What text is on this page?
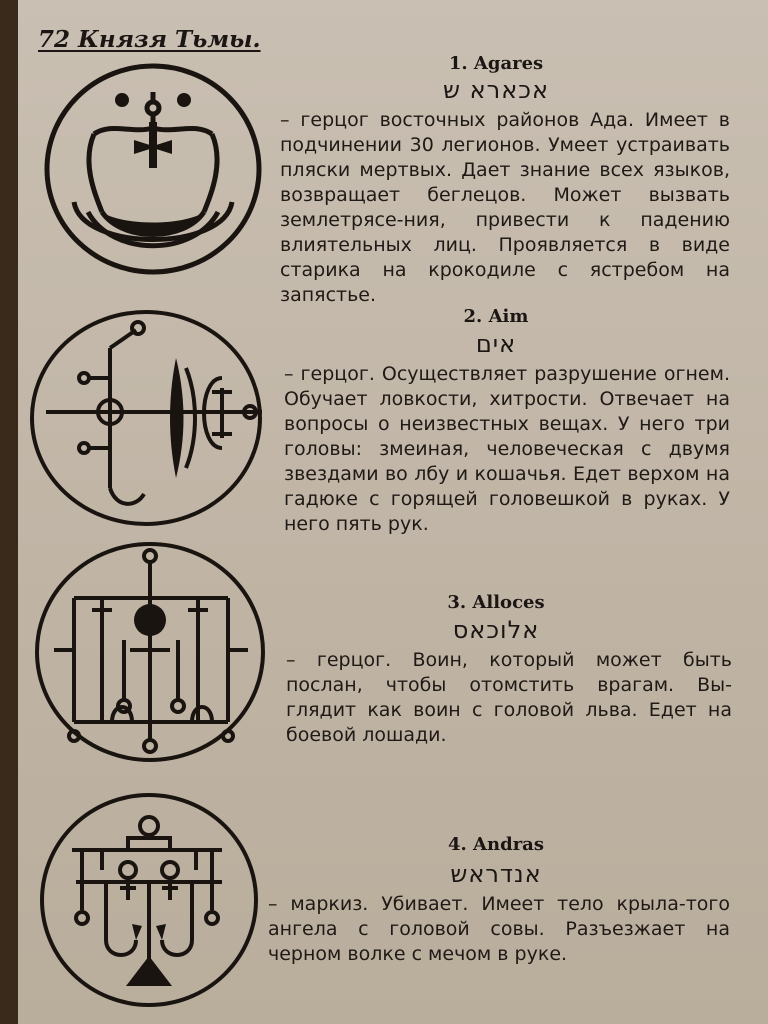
72 Князя Тьмы.
1. Agares
אכארא ש

– герцог восточных районов Ада. Имеет в подчинении 30 легионов. Умеет устраивать пляски мертвых. Дает знание всех языков, возвращает беглецов. Может вызвать землетрясе-ния, привести к падению влиятельных лиц. Проявляется в виде старика на крокодиле с ястребом на запястье.

2. Aim
אים

– герцог. Осуществляет разрушение огнем. Обучает ловкости, хитрости. Отвечает на вопросы о неизвестных вещах. У него три головы: змеиная, человеческая с двумя звездами во лбу и кошачья. Едет верхом на гадюке с горящей головешкой в руках. У него пять рук.

3. Alloces
אלוכאס

– герцог. Воин, который может быть послан, чтобы отомстить врагам. Вы-глядит как воин с головой льва. Едет на боевой лошади.

4. Andras
אנדראש

– маркиз. Убивает. Имеет тело крыла-того ангела с головой совы. Разъезжает на черном волке с мечом в руке.
